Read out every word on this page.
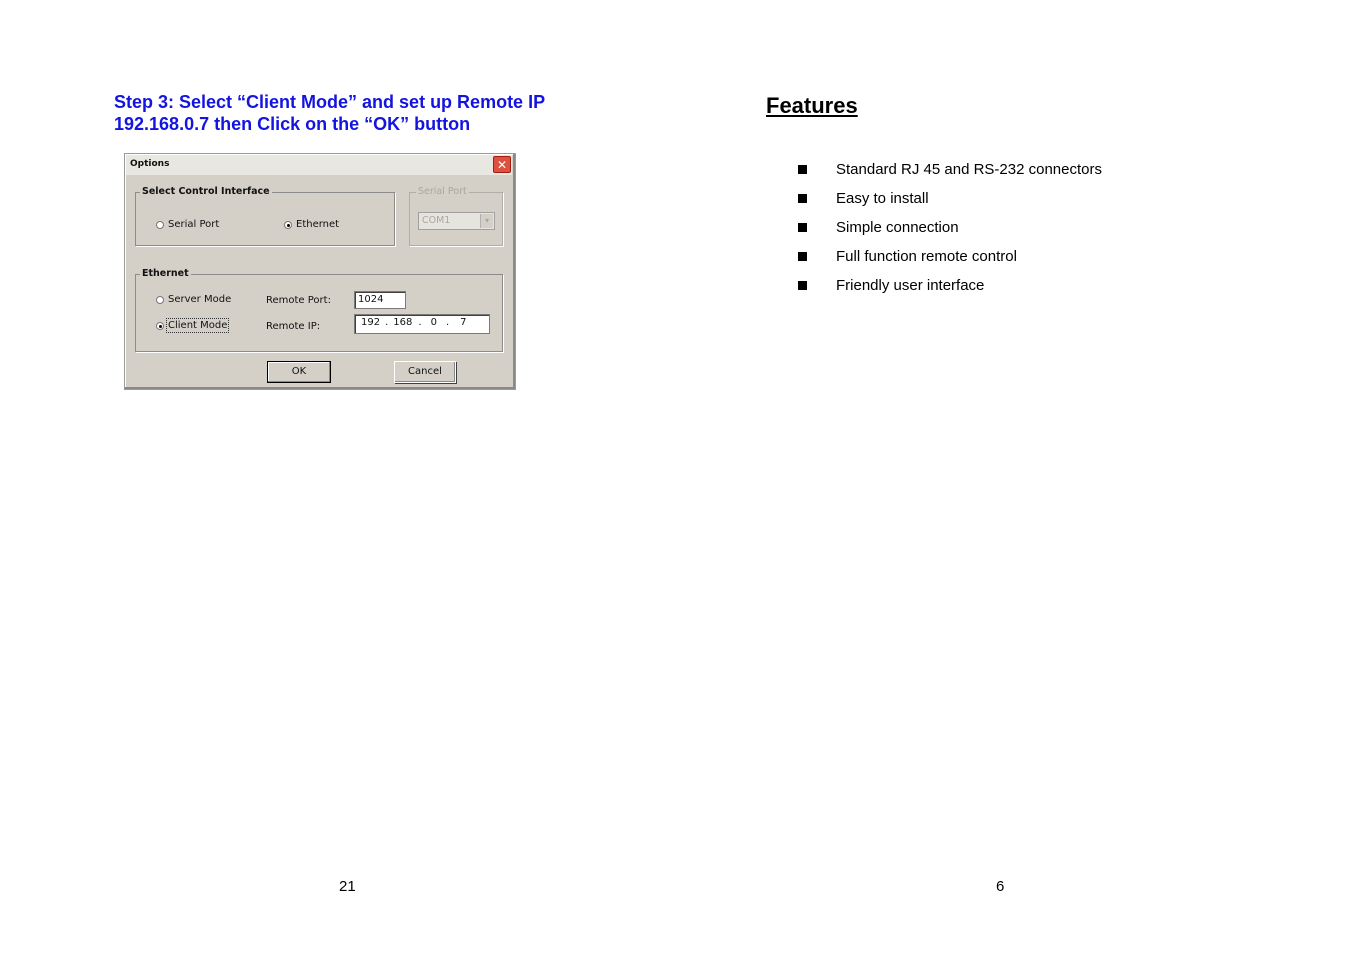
Step 3: Select “Client Mode” and set up Remote IP
192.168.0.7 then Click on the “OK” button
Options	✕
Select Control Interface
Serial Port	Ethernet
Serial Port
COM1	▾
Ethernet
Server Mode
Client Mode
Remote Port:	1024
Remote IP:	192 . 168 . 0 . 7
OK	Cancel
Features
Standard RJ 45 and RS-232 connectors
Easy to install
Simple connection
Full function remote control
Friendly user interface
21	6
